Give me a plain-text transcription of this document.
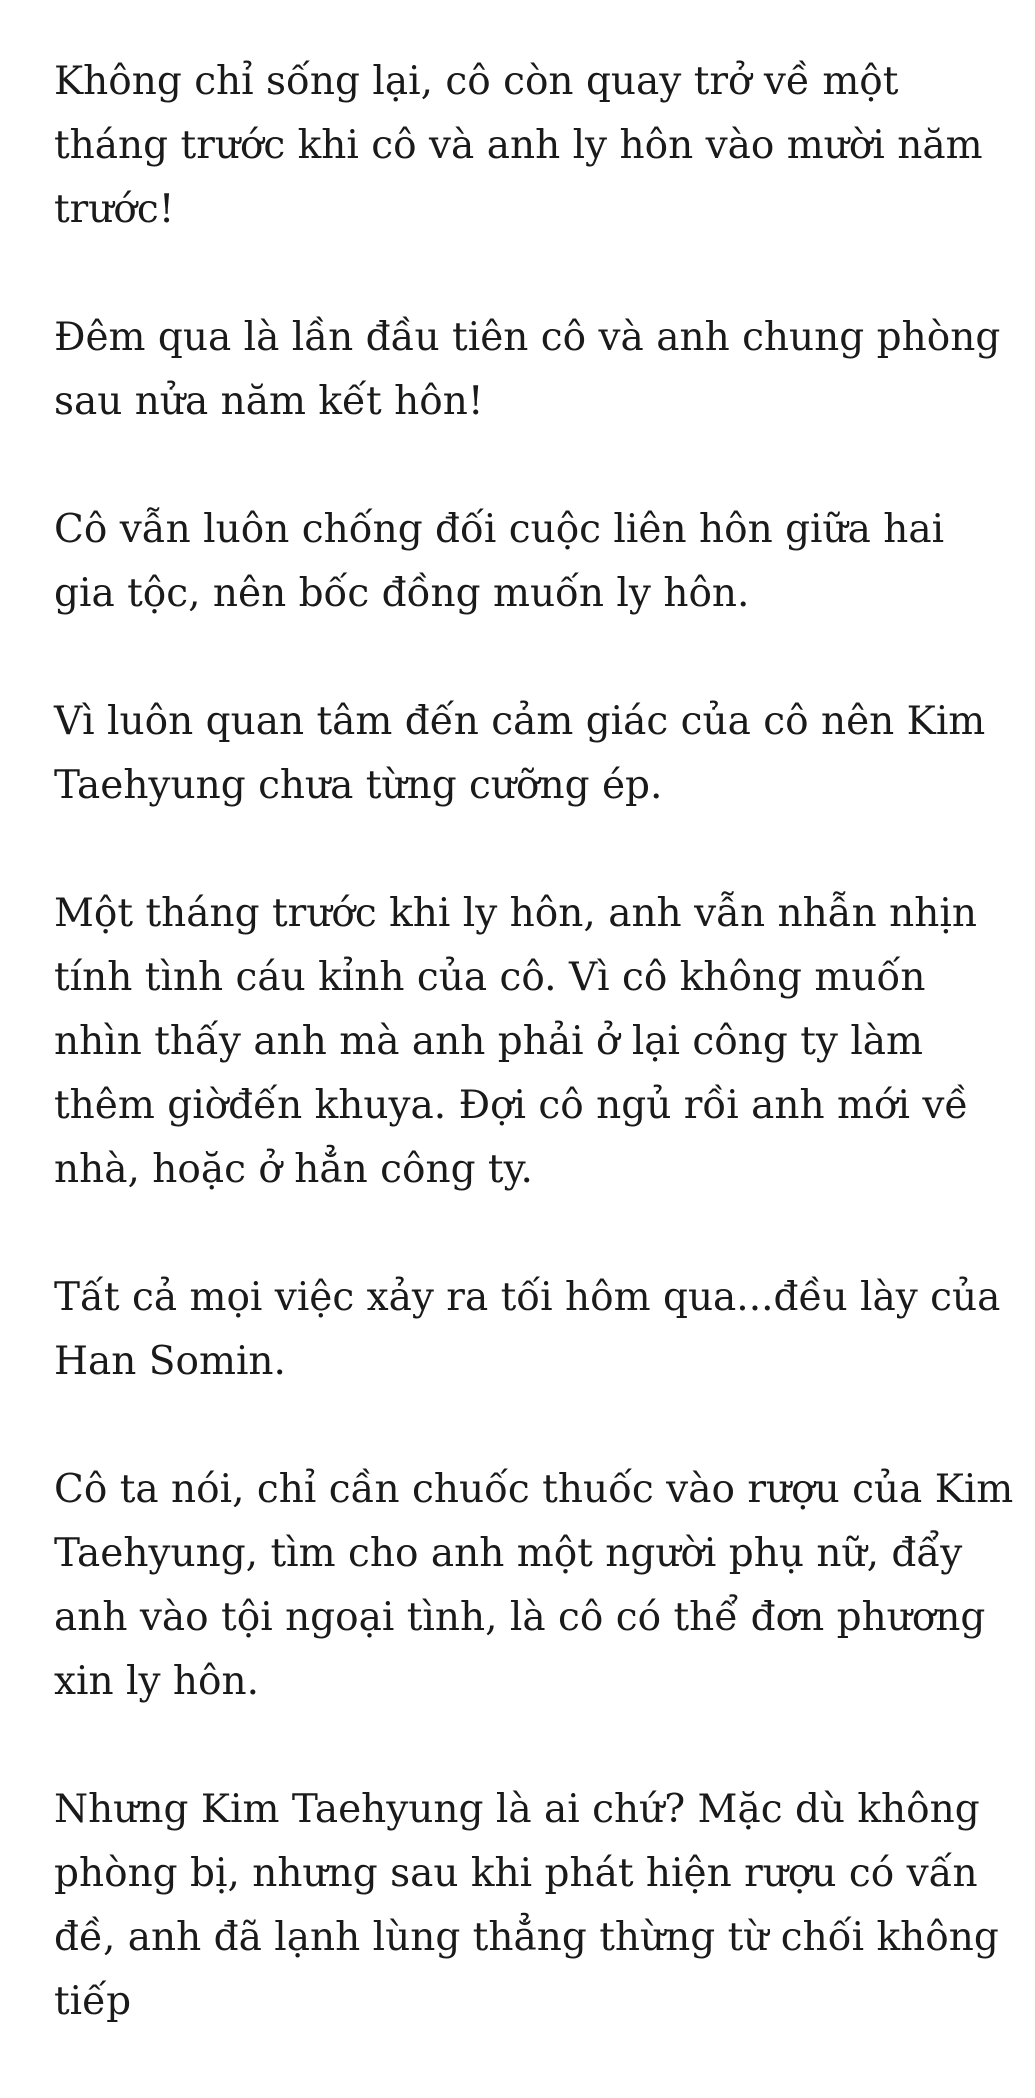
Không chỉ sống lại, cô còn quay trở về một tháng trước khi cô và anh ly hôn vào mười năm trước!

Đêm qua là lần đầu tiên cô và anh chung phòng sau nửa năm kết hôn!

Cô vẫn luôn chống đối cuộc liên hôn giữa hai gia tộc, nên bốc đồng muốn ly hôn.

Vì luôn quan tâm đến cảm giác của cô nên Kim Taehyung chưa từng cưỡng ép.

Một tháng trước khi ly hôn, anh vẫn nhẫn nhịn tính tình cáu kỉnh của cô. Vì cô không muốn nhìn thấy anh mà anh phải ở lại công ty làm thêm giờđến khuya. Đợi cô ngủ rồi anh mới về nhà, hoặc ở hẳn công ty.

Tất cả mọi việc xảy ra tối hôm qua...đều lày của Han Somin.

Cô ta nói, chỉ cần chuốc thuốc vào rượu của Kim Taehyung, tìm cho anh một người phụ nữ, đẩy anh vào tội ngoại tình, là cô có thể đơn phương xin ly hôn.

Nhưng Kim Taehyung là ai chứ? Mặc dù không phòng bị, nhưng sau khi phát hiện rượu có vấn đề, anh đã lạnh lùng thẳng thừng từ chối không tiếp
